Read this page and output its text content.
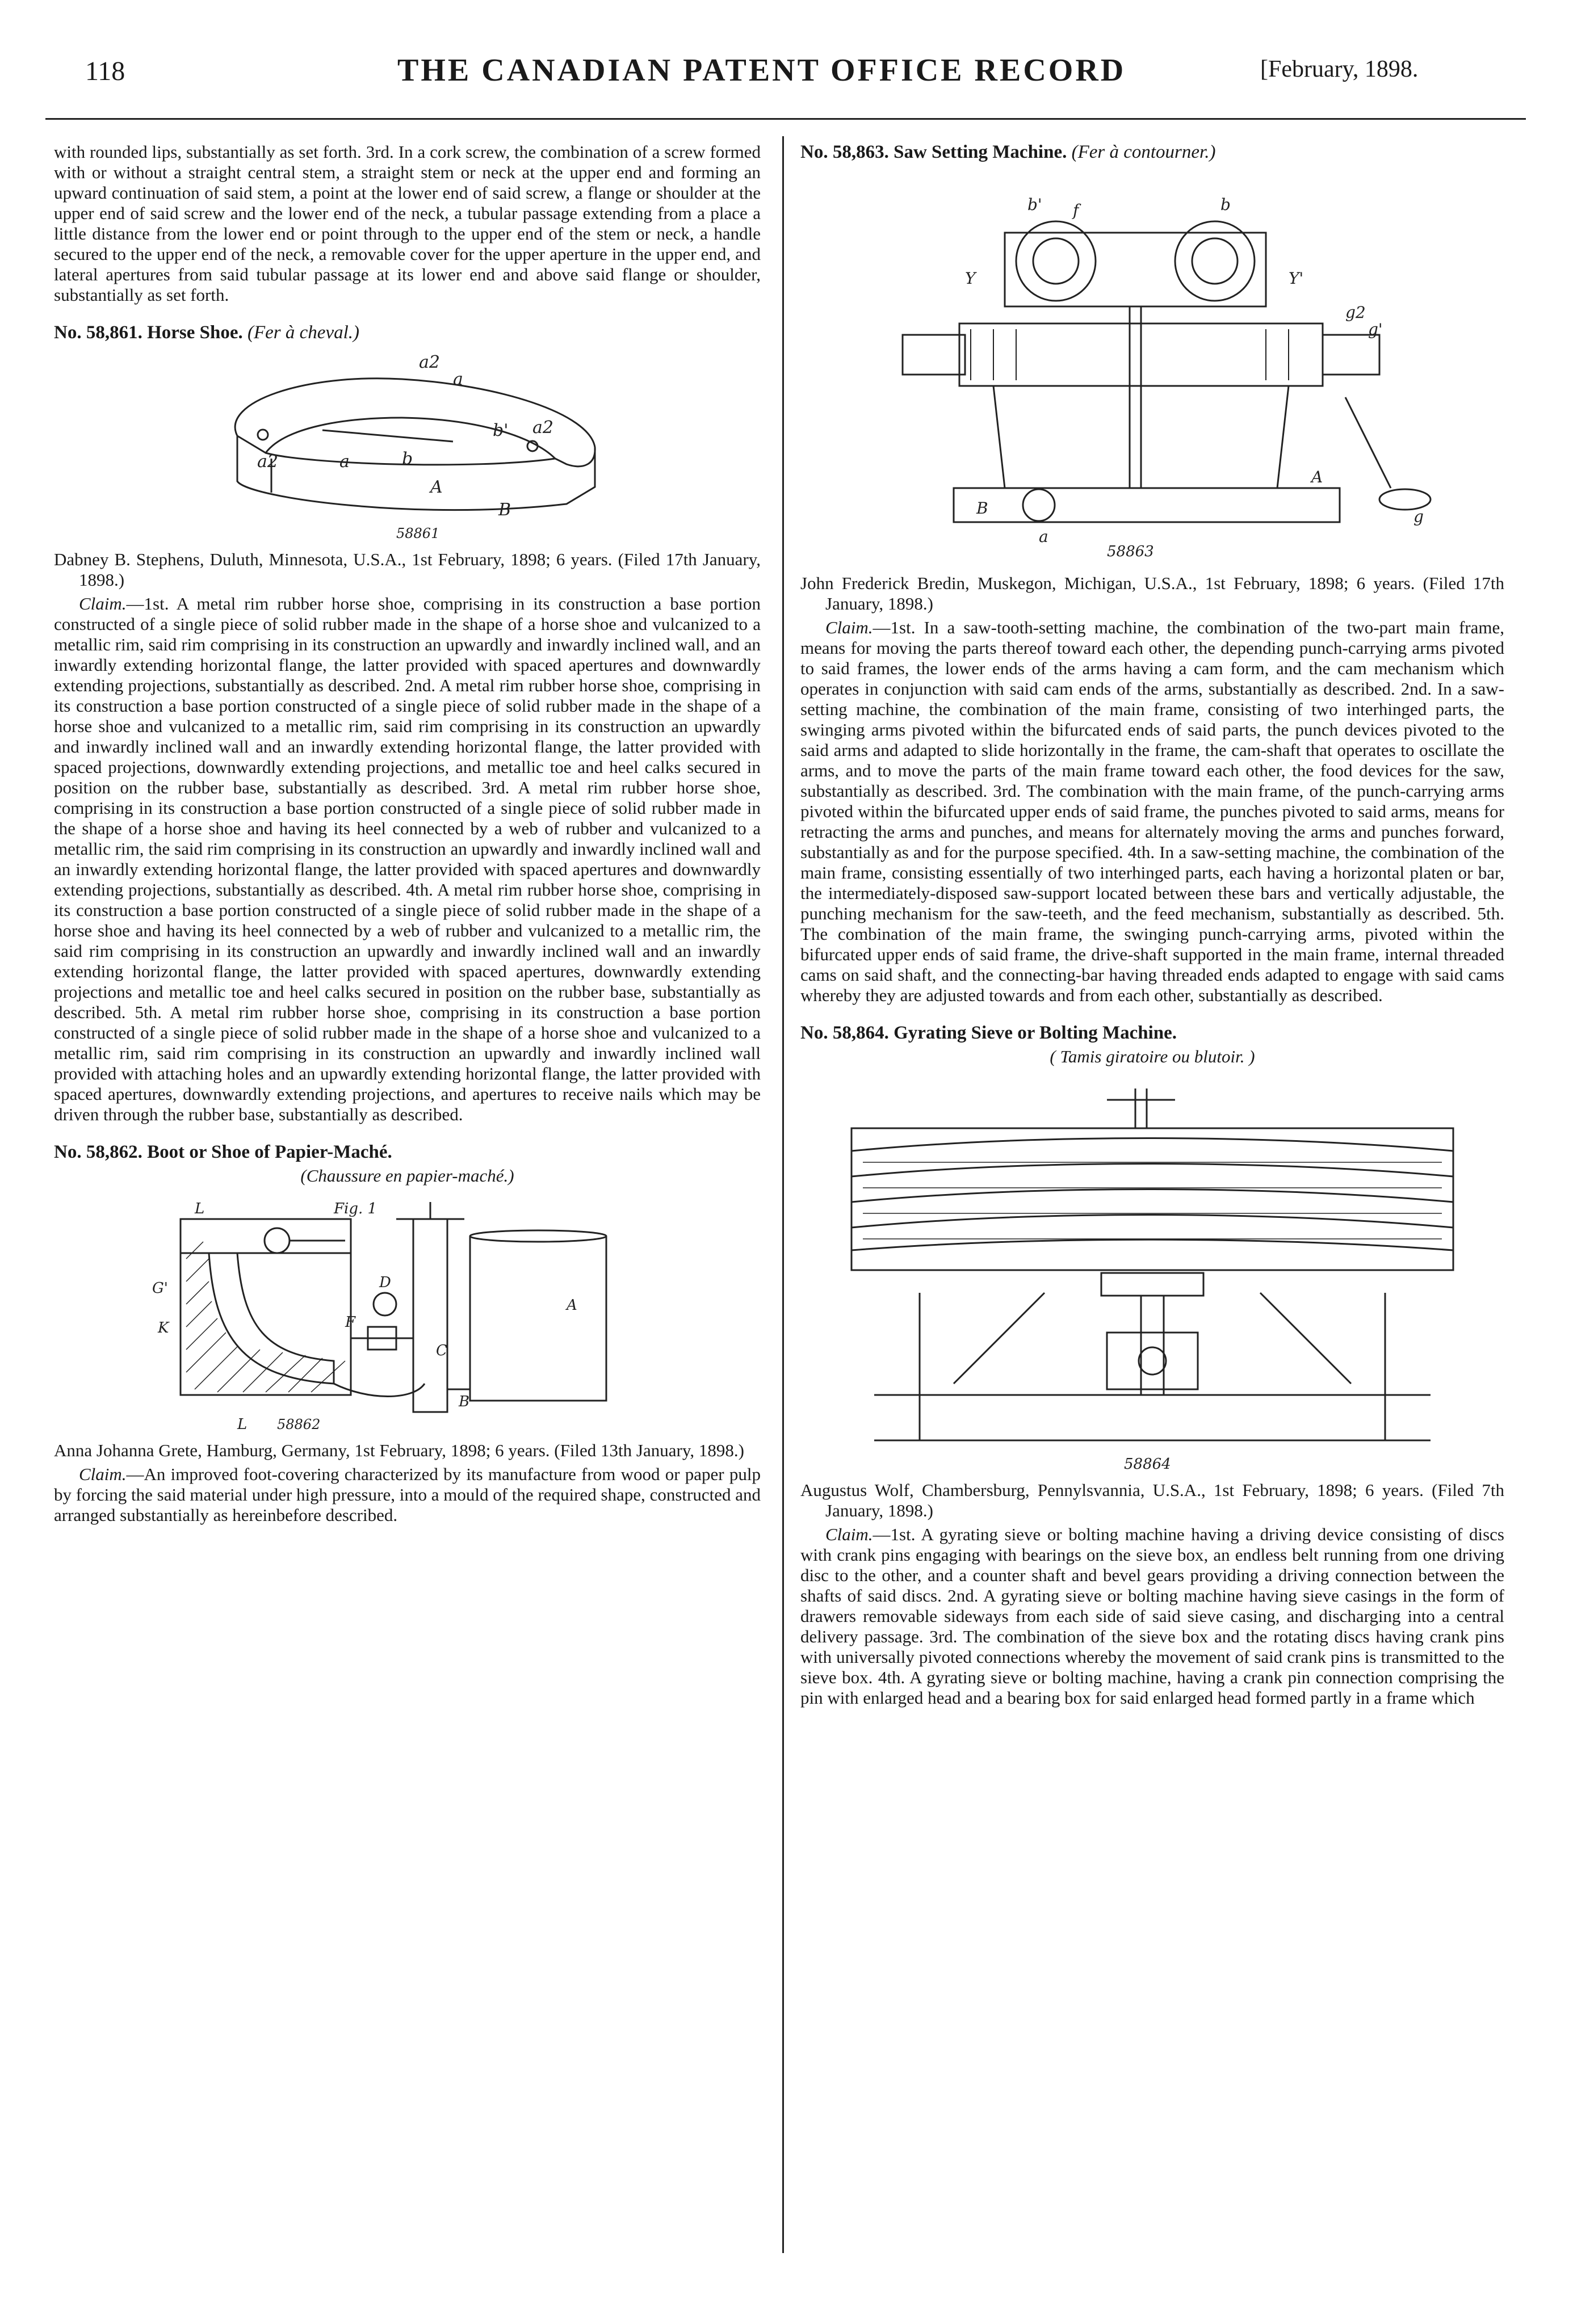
118	THE CANADIAN PATENT OFFICE RECORD	[February, 1898.

with rounded lips, substantially as set forth. 3rd. In a cork screw, the combination of a screw formed with or without a straight central stem, a straight stem or neck at the upper end and forming an upward continuation of said stem, a point at the lower end of said screw, a flange or shoulder at the upper end of said screw and the lower end of the neck, a tubular passage extending from a place a little distance from the lower end or point through to the upper end of the stem or neck, a handle secured to the upper end of the neck, a removable cover for the upper aperture in the upper end, and lateral apertures from said tubular passage at its lower end and above said flange or shoulder, substantially as set forth.

No. 58,861. Horse Shoe. (Fer à cheval.)
a2
a
b' a2
a2	a	b
A
B
58861

Dabney B. Stephens, Duluth, Minnesota, U.S.A., 1st February, 1898; 6 years. (Filed 17th January, 1898.)

Claim.—1st. A metal rim rubber horse shoe, comprising in its construction a base portion constructed of a single piece of solid rubber made in the shape of a horse shoe and vulcanized to a metallic rim, said rim comprising in its construction an upwardly and inwardly inclined wall, and an inwardly extending horizontal flange, the latter provided with spaced apertures and downwardly extending projections, substantially as described. 2nd. A metal rim rubber horse shoe, comprising in its construction a base portion constructed of a single piece of solid rubber made in the shape of a horse shoe and vulcanized to a metallic rim, said rim comprising in its construction an upwardly and inwardly inclined wall and an inwardly extending horizontal flange, the latter provided with spaced projections, downwardly extending projections, and metallic toe and heel calks secured in position on the rubber base, substantially as described. 3rd. A metal rim rubber horse shoe, comprising in its construction a base portion constructed of a single piece of solid rubber made in the shape of a horse shoe and having its heel connected by a web of rubber and vulcanized to a metallic rim, the said rim comprising in its construction an upwardly and inwardly inclined wall and an inwardly extending horizontal flange, the latter provided with spaced apertures and downwardly extending projections, substantially as described. 4th. A metal rim rubber horse shoe, comprising in its construction a base portion constructed of a single piece of solid rubber made in the shape of a horse shoe and having its heel connected by a web of rubber and vulcanized to a metallic rim, the said rim comprising in its construction an upwardly and inwardly inclined wall and an inwardly extending horizontal flange, the latter provided with spaced apertures, downwardly extending projections and metallic toe and heel calks secured in position on the rubber base, substantially as described. 5th. A metal rim rubber horse shoe, comprising in its construction a base portion constructed of a single piece of solid rubber made in the shape of a horse shoe and vulcanized to a metallic rim, said rim comprising in its construction an upwardly and inwardly inclined wall provided with attaching holes and an upwardly extending horizontal flange, the latter provided with spaced apertures, downwardly extending projections, and apertures to receive nails which may be driven through the rubber base, substantially as described.

No. 58,862. Boot or Shoe of Papier-Maché.
(Chaussure en papier-maché.)
L
G'
K	F
D
C
B
A
L
Fig. 1
58862

Anna Johanna Grete, Hamburg, Germany, 1st February, 1898; 6 years. (Filed 13th January, 1898.)

Claim.—An improved foot-covering characterized by its manufacture from wood or paper pulp by forcing the said material under high pressure, into a mould of the required shape, constructed and arranged substantially as hereinbefore described.

No. 58,863. Saw Setting Machine. (Fer à contourner.)
b' f	b
Y	Y'
g2
g'
A
B
a
g
58863

John Frederick Bredin, Muskegon, Michigan, U.S.A., 1st February, 1898; 6 years. (Filed 17th January, 1898.)

Claim.—1st. In a saw-tooth-setting machine, the combination of the two-part main frame, means for moving the parts thereof toward each other, the depending punch-carrying arms pivoted to said frames, the lower ends of the arms having a cam form, and the cam mechanism which operates in conjunction with said cam ends of the arms, substantially as described. 2nd. In a saw-setting machine, the combination of the main frame, consisting of two interhinged parts, the swinging arms pivoted within the bifurcated ends of said parts, the punch devices pivoted to the said arms and adapted to slide horizontally in the frame, the cam-shaft that operates to oscillate the arms, and to move the parts of the main frame toward each other, the food devices for the saw, substantially as described. 3rd. The combination with the main frame, of the punch-carrying arms pivoted within the bifurcated upper ends of said frame, the punches pivoted to said arms, means for retracting the arms and punches, and means for alternately moving the arms and punches forward, substantially as and for the purpose specified. 4th. In a saw-setting machine, the combination of the main frame, consisting essentially of two interhinged parts, each having a horizontal platen or bar, the intermediately-disposed saw-support located between these bars and vertically adjustable, the punching mechanism for the saw-teeth, and the feed mechanism, substantially as described. 5th. The combination of the main frame, the swinging punch-carrying arms, pivoted within the bifurcated upper ends of said frame, the drive-shaft supported in the main frame, internal threaded cams on said shaft, and the connecting-bar having threaded ends adapted to engage with said cams whereby they are adjusted towards and from each other, substantially as described.

No. 58,864. Gyrating Sieve or Bolting Machine.
( Tamis giratoire ou blutoir. )
58864

Augustus Wolf, Chambersburg, Pennylsvannia, U.S.A., 1st February, 1898; 6 years. (Filed 7th January, 1898.)

Claim.—1st. A gyrating sieve or bolting machine having a driving device consisting of discs with crank pins engaging with bearings on the sieve box, an endless belt running from one driving disc to the other, and a counter shaft and bevel gears providing a driving connection between the shafts of said discs. 2nd. A gyrating sieve or bolting machine having sieve casings in the form of drawers removable sideways from each side of said sieve casing, and discharging into a central delivery passage. 3rd. The combination of the sieve box and the rotating discs having crank pins with universally pivoted connections whereby the movement of said crank pins is transmitted to the sieve box. 4th. A gyrating sieve or bolting machine, having a crank pin connection comprising the pin with enlarged head and a bearing box for said enlarged head formed partly in a frame which
